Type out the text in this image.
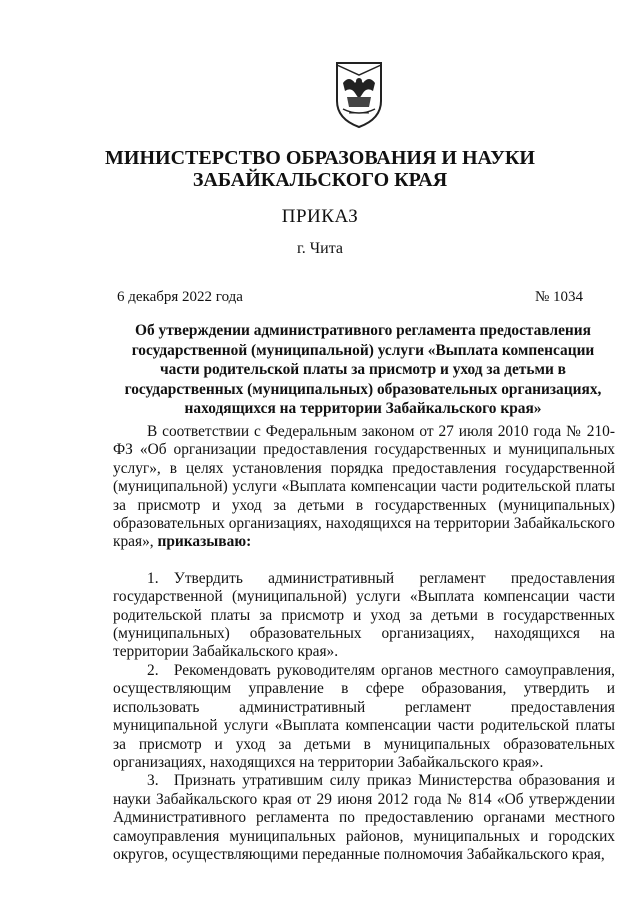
МИНИСТЕРСТВО ОБРАЗОВАНИЯ И НАУКИ
ЗАБАЙКАЛЬСКОГО КРАЯ
ПРИКАЗ
г. Чита
6 декабря 2022 года	№ 1034
Об утверждении административного регламента предоставления государственной (муниципальной) услуги «Выплата компенсации части родительской платы за присмотр и уход за детьми в государственных (муниципальных) образовательных организациях, находящихся на территории Забайкальского края»

В соответствии с Федеральным законом от 27 июля 2010 года № 210-ФЗ «Об организации предоставления государственных и муниципальных услуг», в целях установления порядка предоставления государственной (муниципальной) услуги «Выплата компенсации части родительской платы за присмотр и уход за детьми в государственных (муниципальных) образовательных организациях, находящихся на территории Забайкальского края», приказываю:

1. Утвердить административный регламент предоставления государственной (муниципальной) услуги «Выплата компенсации части родительской платы за присмотр и уход за детьми в государственных (муниципальных) образовательных организациях, находящихся на территории Забайкальского края».

2. Рекомендовать руководителям органов местного самоуправления, осуществляющим управление в сфере образования, утвердить и использовать административный регламент предоставления муниципальной услуги «Выплата компенсации части родительской платы за присмотр и уход за детьми в муниципальных образовательных организациях, находящихся на территории Забайкальского края».

3. Признать утратившим силу приказ Министерства образования и науки Забайкальского края от 29 июня 2012 года № 814 «Об утверждении Административного регламента по предоставлению органами местного самоуправления муниципальных районов, муниципальных и городских округов, осуществляющими переданные полномочия Забайкальского края,
